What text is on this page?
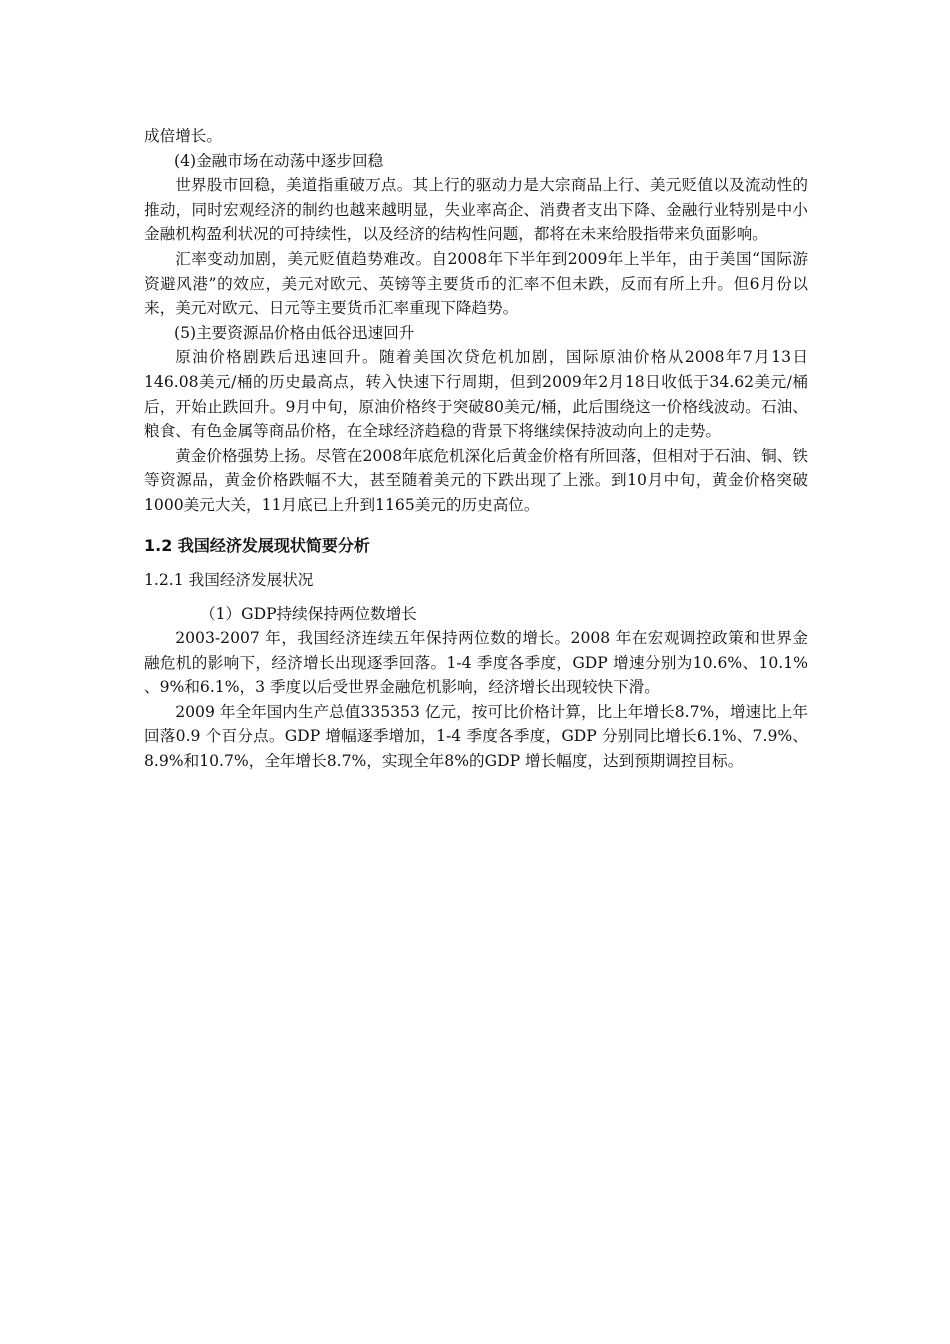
成倍增长。

(4)金融市场在动荡中逐步回稳

世界股市回稳，美道指重破万点。其上行的驱动力是大宗商品上行、美元贬值以及流动性的推动，同时宏观经济的制约也越来越明显，失业率高企、消费者支出下降、金融行业特别是中小金融机构盈利状况的可持续性，以及经济的结构性问题，都将在未来给股指带来负面影响。

汇率变动加剧，美元贬值趋势难改。自2008年下半年到2009年上半年，由于美国“国际游资避风港”的效应，美元对欧元、英镑等主要货币的汇率不但未跌，反而有所上升。但6月份以来，美元对欧元、日元等主要货币汇率重现下降趋势。

(5)主要资源品价格由低谷迅速回升

原油价格剧跌后迅速回升。随着美国次贷危机加剧，国际原油价格从2008年7月13日146.08美元/桶的历史最高点，转入快速下行周期，但到2009年2月18日收低于34.62美元/桶后，开始止跌回升。9月中旬，原油价格终于突破80美元/桶，此后围绕这一价格线波动。石油、粮食、有色金属等商品价格，在全球经济趋稳的背景下将继续保持波动向上的走势。

黄金价格强势上扬。尽管在2008年底危机深化后黄金价格有所回落，但相对于石油、铜、铁等资源品，黄金价格跌幅不大，甚至随着美元的下跌出现了上涨。到10月中旬，黄金价格突破1000美元大关，11月底已上升到1165美元的历史高位。

1.2 我国经济发展现状简要分析
1.2.1 我国经济发展状况

（1）GDP持续保持两位数增长

2003-2007 年，我国经济连续五年保持两位数的增长。2008 年在宏观调控政策和世界金融危机的影响下，经济增长出现逐季回落。1-4 季度各季度，GDP 增速分别为10.6%、10.1% 、9%和6.1%，3 季度以后受世界金融危机影响，经济增长出现较快下滑。

2009 年全年国内生产总值335353 亿元，按可比价格计算，比上年增长8.7%，增速比上年回落0.9 个百分点。GDP 增幅逐季增加，1-4 季度各季度，GDP 分别同比增长6.1%、7.9%、8.9%和10.7%，全年增长8.7%，实现全年8%的GDP 增长幅度，达到预期调控目标。
